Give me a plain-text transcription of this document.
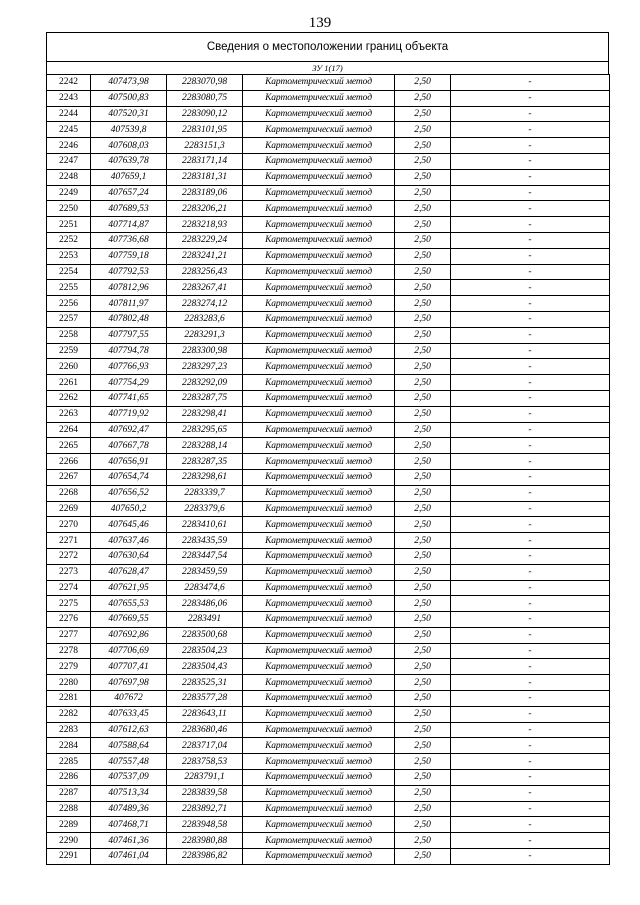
139
Сведения о местоположении границ объекта
ЗУ 1(17)
2242	407473,98	2283070,98	Картометрический метод	2,50	-
2243	407500,83	2283080,75	Картометрический метод	2,50	-
2244	407520,31	2283090,12	Картометрический метод	2,50	-
2245	407539,8	2283101,95	Картометрический метод	2,50	-
2246	407608,03	2283151,3	Картометрический метод	2,50	-
2247	407639,78	2283171,14	Картометрический метод	2,50	-
2248	407659,1	2283181,31	Картометрический метод	2,50	-
2249	407657,24	2283189,06	Картометрический метод	2,50	-
2250	407689,53	2283206,21	Картометрический метод	2,50	-
2251	407714,87	2283218,93	Картометрический метод	2,50	-
2252	407736,68	2283229,24	Картометрический метод	2,50	-
2253	407759,18	2283241,21	Картометрический метод	2,50	-
2254	407792,53	2283256,43	Картометрический метод	2,50	-
2255	407812,96	2283267,41	Картометрический метод	2,50	-
2256	407811,97	2283274,12	Картометрический метод	2,50	-
2257	407802,48	2283283,6	Картометрический метод	2,50	-
2258	407797,55	2283291,3	Картометрический метод	2,50	-
2259	407794,78	2283300,98	Картометрический метод	2,50	-
2260	407766,93	2283297,23	Картометрический метод	2,50	-
2261	407754,29	2283292,09	Картометрический метод	2,50	-
2262	407741,65	2283287,75	Картометрический метод	2,50	-
2263	407719,92	2283298,41	Картометрический метод	2,50	-
2264	407692,47	2283295,65	Картометрический метод	2,50	-
2265	407667,78	2283288,14	Картометрический метод	2,50	-
2266	407656,91	2283287,35	Картометрический метод	2,50	-
2267	407654,74	2283298,61	Картометрический метод	2,50	-
2268	407656,52	2283339,7	Картометрический метод	2,50	-
2269	407650,2	2283379,6	Картометрический метод	2,50	-
2270	407645,46	2283410,61	Картометрический метод	2,50	-
2271	407637,46	2283435,59	Картометрический метод	2,50	-
2272	407630,64	2283447,54	Картометрический метод	2,50	-
2273	407628,47	2283459,59	Картометрический метод	2,50	-
2274	407621,95	2283474,6	Картометрический метод	2,50	-
2275	407655,53	2283486,06	Картометрический метод	2,50	-
2276	407669,55	2283491	Картометрический метод	2,50	-
2277	407692,86	2283500,68	Картометрический метод	2,50	-
2278	407706,69	2283504,23	Картометрический метод	2,50	-
2279	407707,41	2283504,43	Картометрический метод	2,50	-
2280	407697,98	2283525,31	Картометрический метод	2,50	-
2281	407672	2283577,28	Картометрический метод	2,50	-
2282	407633,45	2283643,11	Картометрический метод	2,50	-
2283	407612,63	2283680,46	Картометрический метод	2,50	-
2284	407588,64	2283717,04	Картометрический метод	2,50	-
2285	407557,48	2283758,53	Картометрический метод	2,50	-
2286	407537,09	2283791,1	Картометрический метод	2,50	-
2287	407513,34	2283839,58	Картометрический метод	2,50	-
2288	407489,36	2283892,71	Картометрический метод	2,50	-
2289	407468,71	2283948,58	Картометрический метод	2,50	-
2290	407461,36	2283980,88	Картометрический метод	2,50	-
2291	407461,04	2283986,82	Картометрический метод	2,50	-
